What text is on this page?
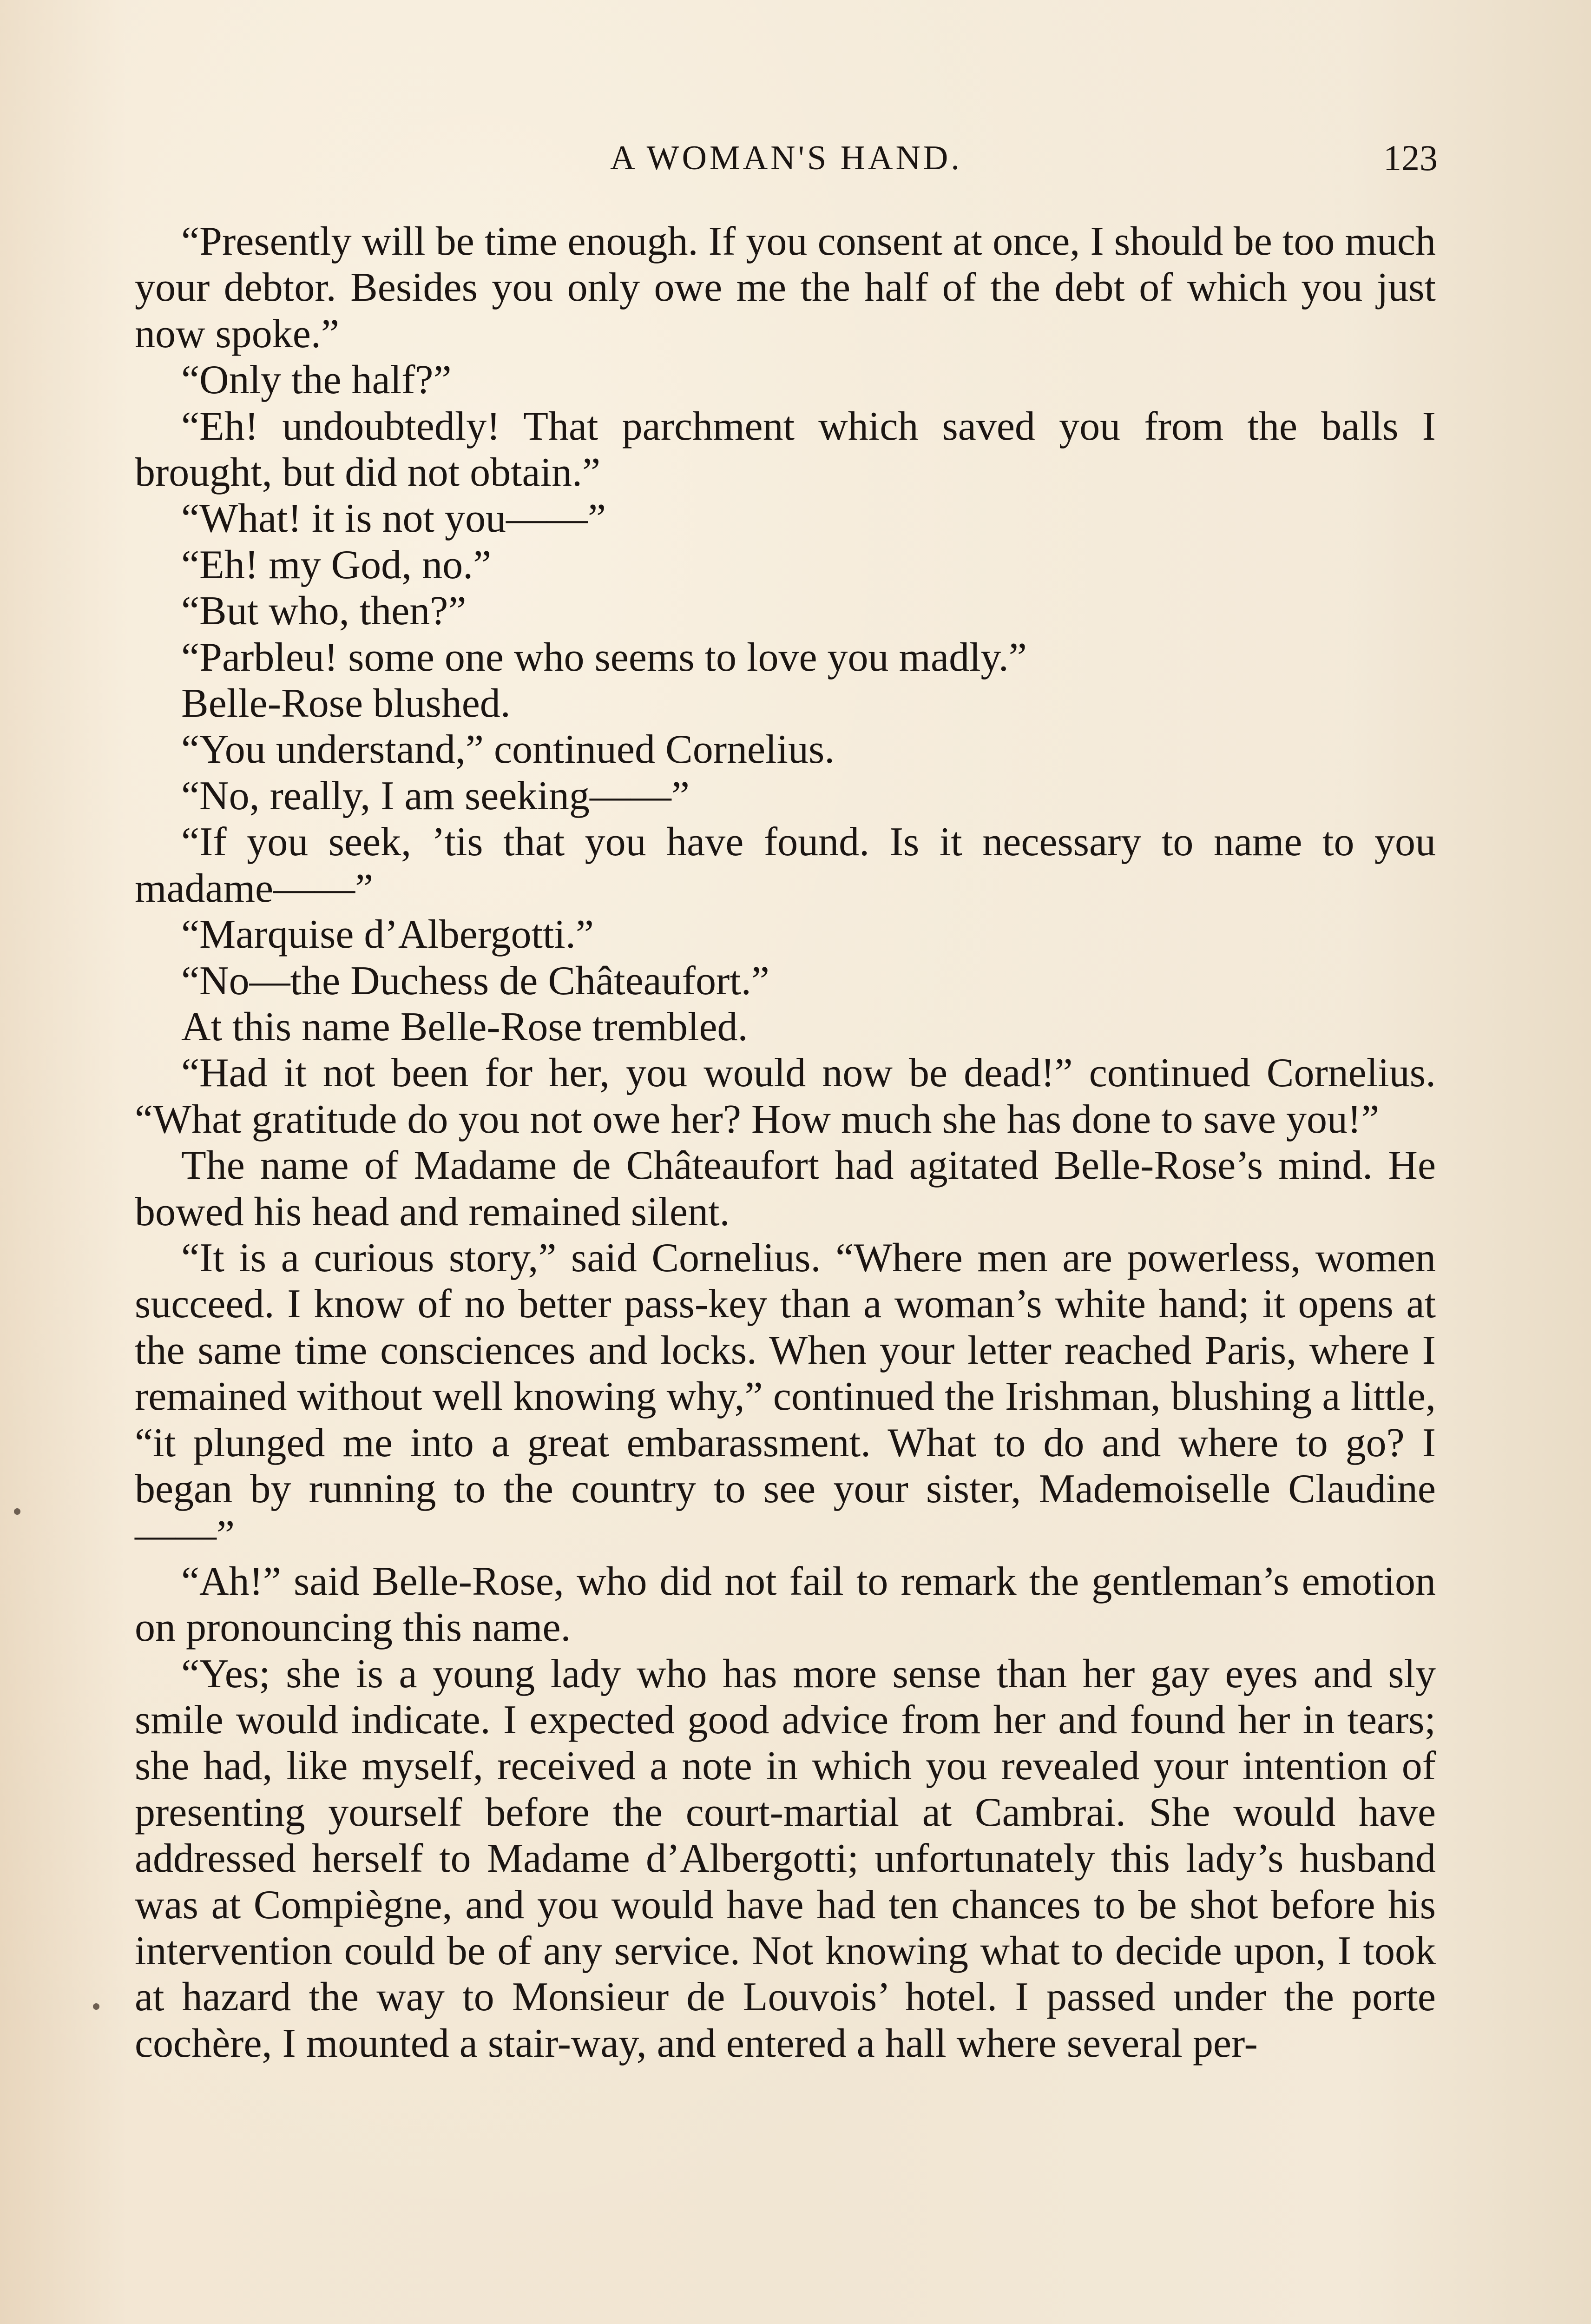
A WOMAN'S HAND.	123

“Presently will be time enough. If you consent at once, I should be too much your debtor. Besides you only owe me the half of the debt of which you just now spoke.”

“Only the half?”

“Eh! undoubtedly! That parchment which saved you from the balls I brought, but did not obtain.”

“What! it is not you——”

“Eh! my God, no.”

“But who, then?”

“Parbleu! some one who seems to love you madly.”

Belle-Rose blushed.

“You understand,” continued Cornelius.

“No, really, I am seeking——”

“If you seek, ’tis that you have found. Is it necessary to name to you madame——”

“Marquise d’Albergotti.”

“No—the Duchess de Châteaufort.”

At this name Belle-Rose trembled.

“Had it not been for her, you would now be dead!” continued Cornelius. “What gratitude do you not owe her? How much she has done to save you!”

The name of Madame de Châteaufort had agitated Belle-Rose’s mind. He bowed his head and remained silent.

“It is a curious story,” said Cornelius. “Where men are powerless, women succeed. I know of no better pass-key than a woman’s white hand; it opens at the same time consciences and locks. When your letter reached Paris, where I remained without well knowing why,” continued the Irishman, blushing a little, “it plunged me into a great embarassment. What to do and where to go? I began by running to the country to see your sister, Mademoiselle Claudine——”

“Ah!” said Belle-Rose, who did not fail to remark the gentleman’s emotion on pronouncing this name.

“Yes; she is a young lady who has more sense than her gay eyes and sly smile would indicate. I expected good advice from her and found her in tears; she had, like myself, received a note in which you revealed your intention of presenting yourself before the court-martial at Cambrai. She would have addressed herself to Madame d’Albergotti; unfortunately this lady’s husband was at Compiègne, and you would have had ten chances to be shot before his intervention could be of any service. Not knowing what to decide upon, I took at hazard the way to Monsieur de Louvois’ hotel. I passed under the porte cochère, I mounted a stair-way, and entered a hall where several per-
